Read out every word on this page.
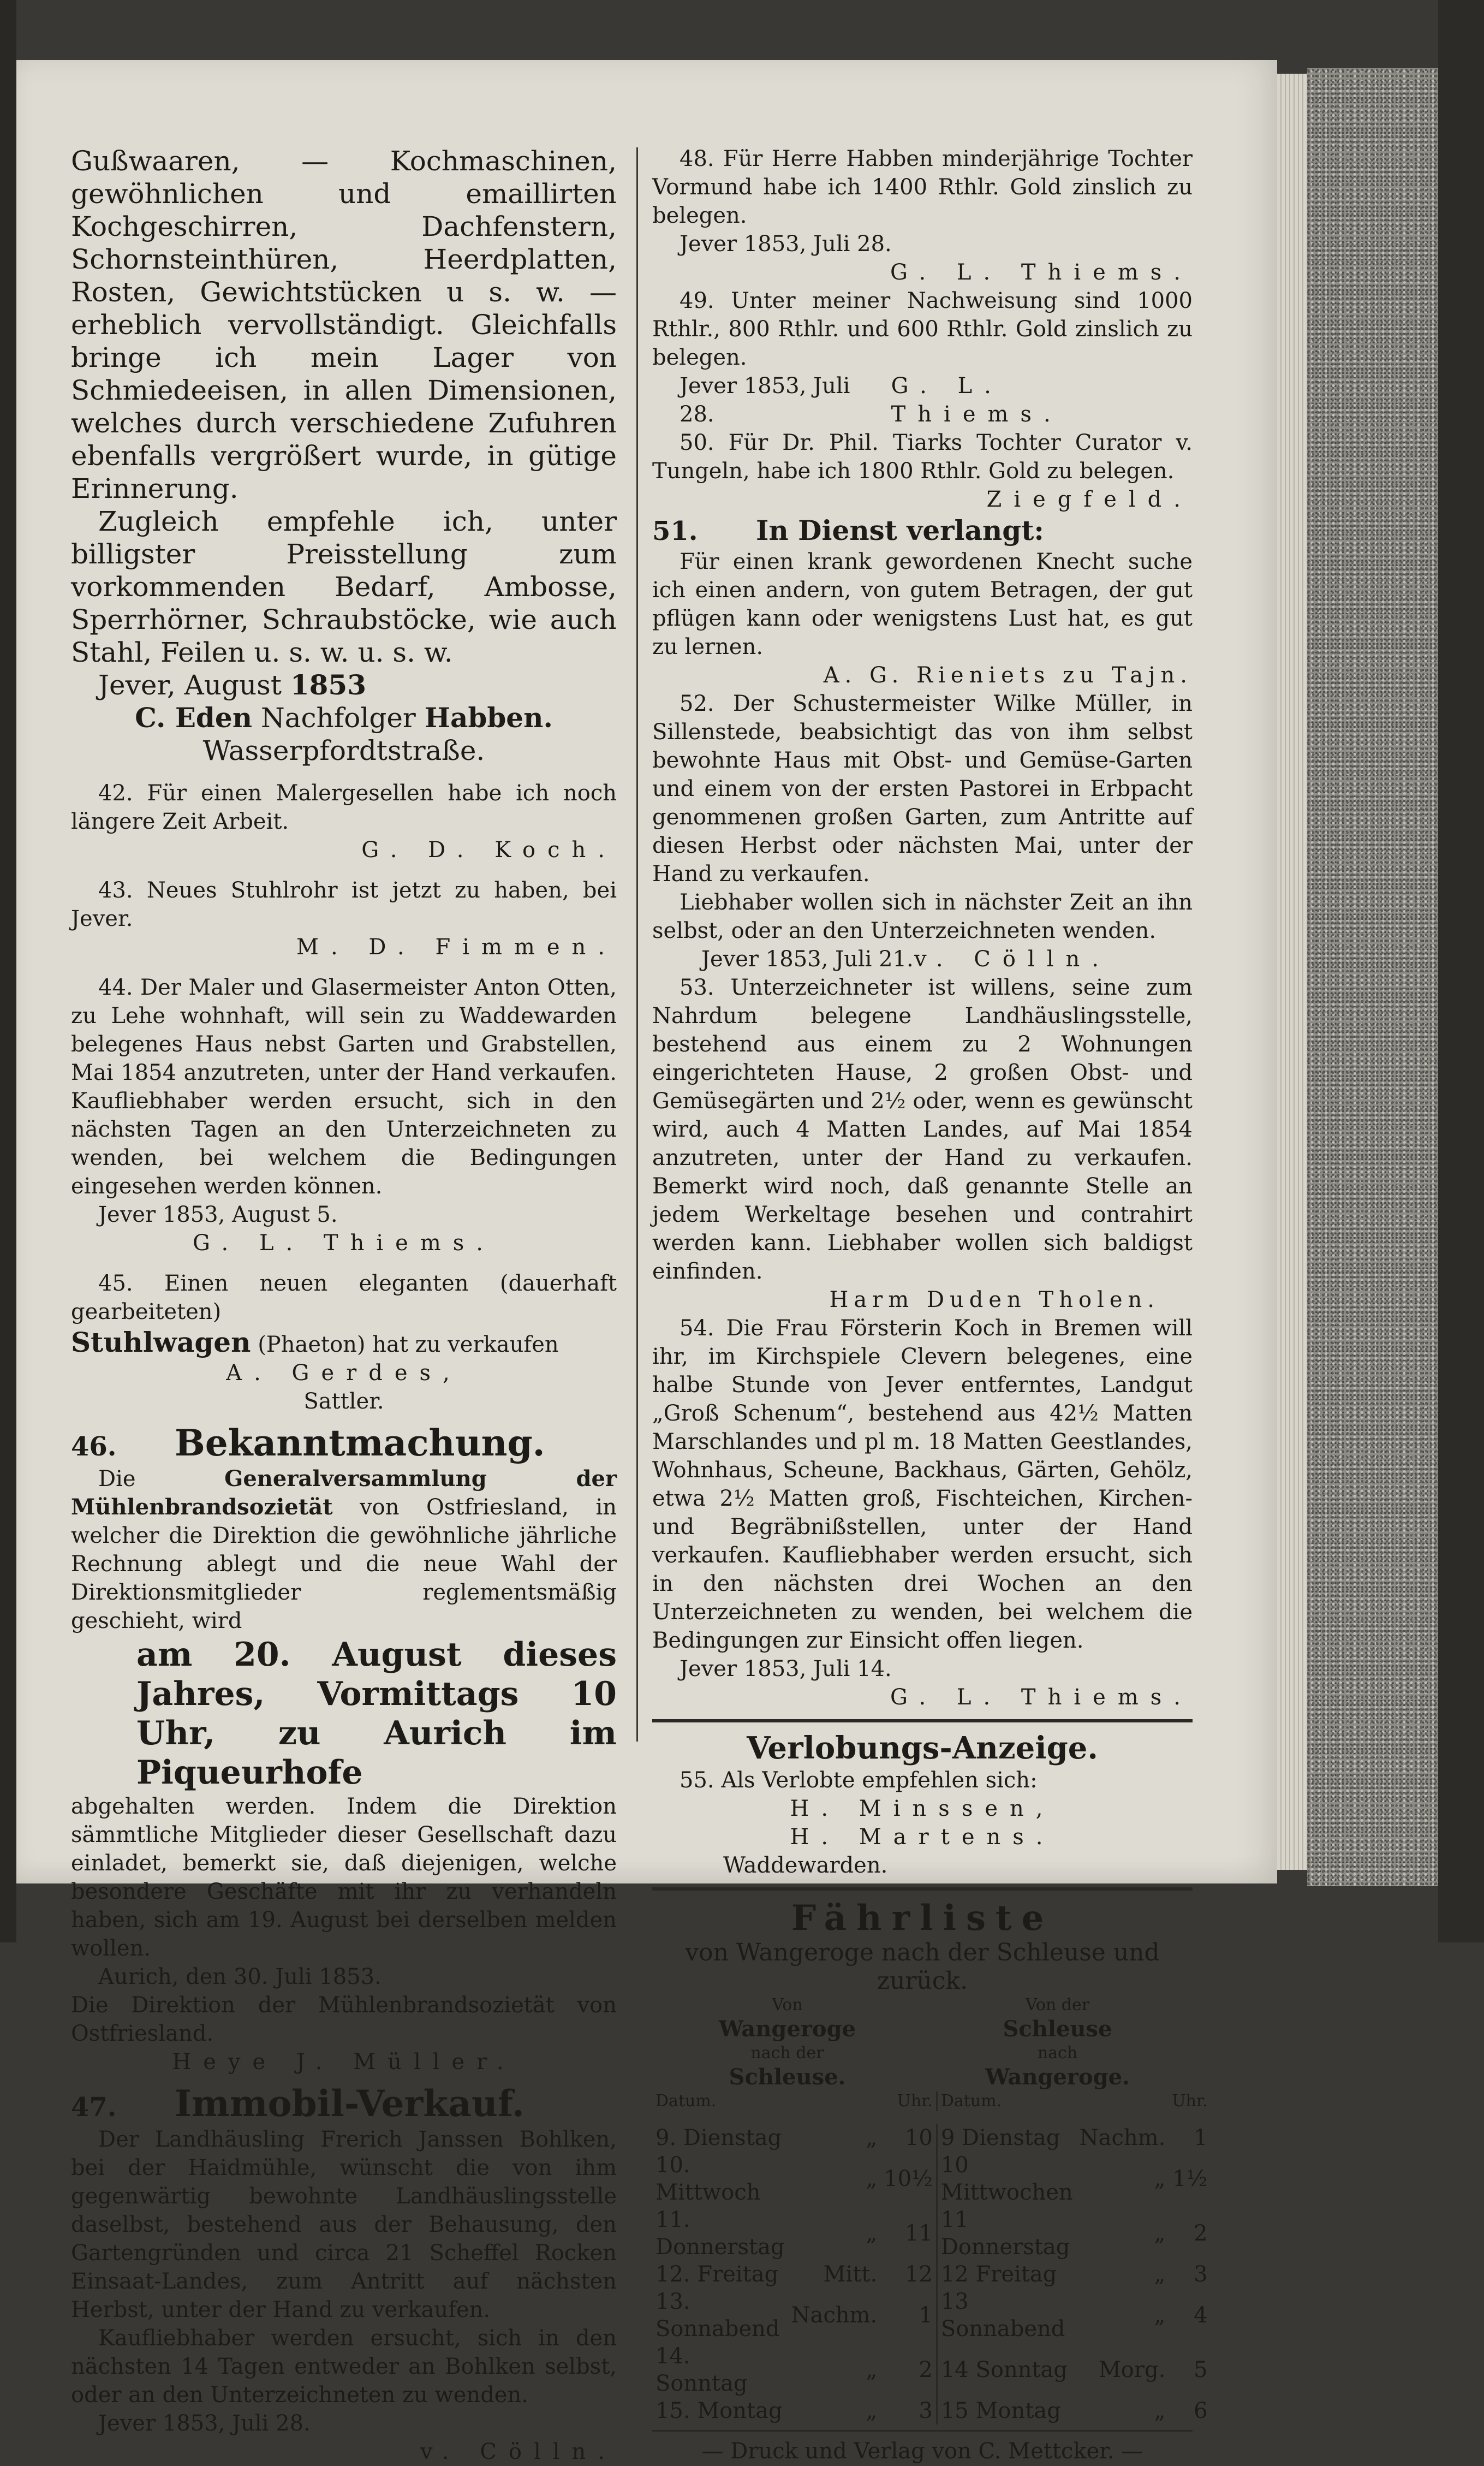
Gußwaaren, — Kochmaschinen, gewöhnlichen und emaillirten Kochgeschirren, Dachfenstern, Schornsteinthüren, Heerdplatten, Rosten, Gewichtstücken u s. w. — erheblich vervollständigt. Gleichfalls bringe ich mein Lager von Schmiedeeisen, in allen Dimensionen, welches durch verschiedene Zufuhren ebenfalls vergrößert wurde, in gütige Erinnerung.

Zugleich empfehle ich, unter billigster Preisstellung zum vorkommenden Bedarf, Ambosse, Sperrhörner, Schraubstöcke, wie auch Stahl, Feilen u. s. w. u. s. w.

Jever, August 1853

C. Eden Nachfolger Habben.

Wasserpfordtstraße.

42. Für einen Malergesellen habe ich noch längere Zeit Arbeit.

G. D. Koch.

43. Neues Stuhlrohr ist jetzt zu haben, bei Jever.

M. D. Fimmen.

44. Der Maler und Glasermeister Anton Otten, zu Lehe wohnhaft, will sein zu Waddewarden belegenes Haus nebst Garten und Grabstellen, Mai 1854 anzutreten, unter der Hand verkaufen. Kaufliebhaber werden ersucht, sich in den nächsten Tagen an den Unterzeichneten zu wenden, bei welchem die Bedingungen eingesehen werden können.

Jever 1853, August 5.

G. L. Thiems.

45. Einen neuen eleganten (dauerhaft gearbeiteten)

Stuhlwagen (Phaeton) hat zu verkaufen

A. Gerdes,

Sattler.

46.	Bekanntmachung.

Die	Generalversammlung der Mühlenbrandsozietät von Ostfriesland, in welcher die Direktion die gewöhnliche jährliche Rechnung ablegt und die neue Wahl der Direktionsmitglieder reglementsmäßig geschieht, wird

am 20. August dieses Jahres, Vormittags 10 Uhr, zu Aurich im Piqueurhofe

abgehalten werden. Indem die Direktion sämmtliche Mitglieder dieser Gesellschaft dazu einladet, bemerkt sie, daß diejenigen, welche besondere Geschäfte mit ihr zu verhandeln haben, sich am 19. August bei derselben melden wollen.

Aurich, den 30. Juli 1853.

Die Direktion der Mühlenbrandsozietät von Ostfriesland.

Heye J. Müller.

47.	Immobil-Verkauf.

Der Landhäusling Frerich Janssen Bohlken, bei der Haidmühle, wünscht die von ihm gegenwärtig bewohnte Landhäuslingsstelle daselbst, bestehend aus der Behausung, den Gartengründen und circa 21 Scheffel Rocken Einsaat-Landes, zum Antritt auf nächsten Herbst, unter der Hand zu verkaufen.

Kaufliebhaber werden ersucht, sich in den nächsten 14 Tagen entweder an Bohlken selbst, oder an den Unterzeichneten zu wenden.

Jever 1853, Juli 28.

v. Cölln.

48. Für Herre Habben minderjährige Tochter Vormund habe ich 1400 Rthlr. Gold zinslich zu belegen.

Jever 1853, Juli 28.

G. L. Thiems.

49. Unter meiner Nachweisung sind 1000 Rthlr., 800 Rthlr. und 600 Rthlr. Gold zinslich zu belegen.

Jever 1853, Juli 28.
G. L. Thiems.

50. Für Dr. Phil. Tiarks Tochter Curator v. Tungeln, habe ich 1800 Rthlr. Gold zu belegen.

Ziegfeld.

51.	In Dienst verlangt:

Für einen krank gewordenen Knecht suche ich einen andern, von gutem Betragen, der gut pflügen kann oder wenigstens Lust hat, es gut zu lernen.

A. G. Rieniets zu Tajn.

52. Der Schustermeister Wilke Müller, in Sillenstede, beabsichtigt das von ihm selbst bewohnte Haus mit Obst- und Gemüse-Garten und einem von der ersten Pastorei in Erbpacht genommenen großen Garten, zum Antritte auf diesen Herbst oder nächsten Mai, unter der Hand zu verkaufen.

Liebhaber wollen sich in nächster Zeit an ihn selbst, oder an den Unterzeichneten wenden.

Jever 1853, Juli 21. v. Cölln.

53. Unterzeichneter ist willens, seine zum Nahrdum belegene Landhäuslingsstelle, bestehend aus einem zu 2 Wohnungen eingerichteten Hause, 2 großen Obst- und Gemüsegärten und 2½ oder, wenn es gewünscht wird, auch 4 Matten Landes, auf Mai 1854 anzutreten, unter der Hand zu verkaufen. Bemerkt wird noch, daß genannte Stelle an jedem Werkeltage besehen und contrahirt werden kann. Liebhaber wollen sich baldigst einfinden.

Harm Duden Tholen.

54. Die Frau Försterin Koch in Bremen will ihr, im Kirchspiele Clevern belegenes, eine halbe Stunde von Jever entferntes, Landgut „Groß Schenum“, bestehend aus 42½ Matten Marschlandes und pl m. 18 Matten Geestlandes, Wohnhaus, Scheune, Backhaus, Gärten, Gehölz, etwa 2½ Matten groß, Fischteichen, Kirchen- und Begräbnißstellen, unter der Hand verkaufen. Kaufliebhaber werden ersucht, sich in den nächsten drei Wochen an den Unterzeichneten zu wenden, bei welchem die Bedingungen zur Einsicht offen liegen.

Jever 1853, Juli 14.

G. L. Thiems.

Verlobungs-Anzeige.

55. Als Verlobte empfehlen sich:

H. Minssen,

H. Martens.

Waddewarden.

Fährliste

von Wangeroge nach der Schleuse und zurück.

Von
Wangeroge
nach der
Schleuse.
Von der
Schleuse
nach
Wangeroge.
Datum.		Uhr.	Datum.		Uhr.

9. Dienstag	„	10	9 Dienstag	Nachm.	1
10. Mittwoch	„	10½	10 Mittwochen	„	1½
11. Donnerstag	„	11	11 Donnerstag	„	2
12. Freitag	Mitt.	12	12 Freitag	„	3
13. Sonnabend	Nachm.	1	13 Sonnabend	„	4
14. Sonntag	„	2	14 Sonntag	Morg.	5
15. Montag	„	3	15 Montag	„	6

— Druck und Verlag von C. Mettcker. —
